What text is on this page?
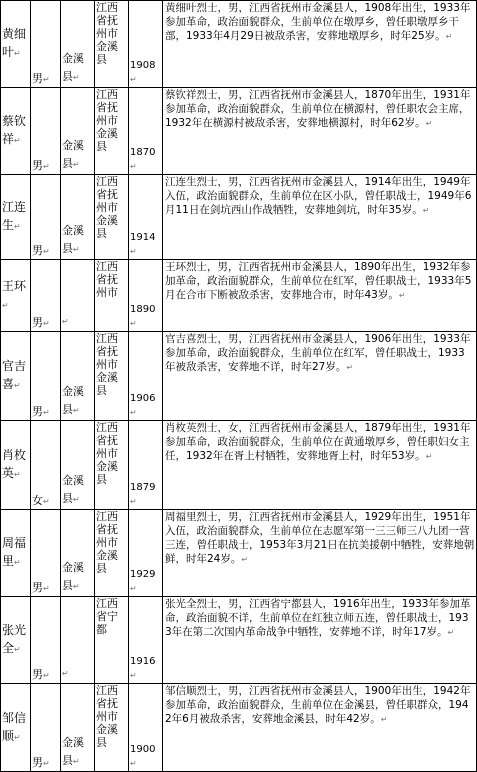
黄细叶↵	男↵	金溪县↵	江西省抚州市金溪县	1908↵	黄细叶烈士，男，江西省抚州市金溪县人，1908年出生，1933年参加革命，政治面貌群众，生前单位在墩厚乡，曾任职墩厚乡干部，1933年4月29日被敌杀害，安葬地墩厚乡，时年25岁。↵
蔡钦祥↵	男↵	金溪县↵	江西省抚州市金溪县	1870↵	蔡钦祥烈士，男，江西省抚州市金溪县人，1870年出生，1931年参加革命，政治面貌群众，生前单位在横源村，曾任职农会主席，1932年在横源村被敌杀害，安葬地横源村，时年62岁。↵
江连生↵	男↵	金溪县↵	江西省抚州市金溪县	1914↵	江连生烈士，男，江西省抚州市金溪县人，1914年出生，1949年入伍，政治面貌群众，生前单位在区小队，曾任职战士，1949年6月11日在剑坑西山作战牺牲，安葬地剑坑，时年35岁。↵
王环↵	男↵	↵	江西省抚州市	1890↵	王环烈士，男，江西省抚州市金溪县人，1890年出生，1932年参加革命，政治面貌群众，生前单位在红军，曾任职战士，1933年5月在合市下断被敌杀害，安葬地合市，时年43岁。↵
官吉喜↵	男↵	金溪县↵	江西省抚州市金溪县	1906↵	官吉喜烈士，男，江西省抚州市金溪县人，1906年出生，1933年参加革命，政治面貌群众，生前单位在红军，曾任职战士，1933年被敌杀害，安葬地不详，时年27岁。↵
肖枚英↵	女↵	金溪县↵	江西省抚州市金溪县	1879↵	肖枚英烈士，女，江西省抚州市金溪县人，1879年出生，1931年参加革命，政治面貌群众，生前单位在黄通墩厚乡，曾任职妇女主任，1932年在胥上村牺牲，安葬地胥上村，时年53岁。↵
周福里↵	男↵	金溪县↵	江西省抚州市金溪县	1929↵	周福里烈士，男，江西省抚州市金溪县人，1929年出生，1951年入伍，政治面貌群众，生前单位在志愿军第一三三师三八九团一营三连，曾任职战士，1953年3月21日在抗美援朝中牺牲，安葬地朝鲜，时年24岁。↵
张光全↵	男↵	↵	江西省宁都	1916↵	张光全烈士，男，江西省宁都县人，1916年出生，1933年参加革命，政治面貌不详，生前单位在红独立师五连，曾任职战士，1933年在第二次国内革命战争中牺牲，安葬地不详，时年17岁。↵
邹信顺↵	男↵	金溪县↵	江西省抚州市金溪县	1900↵	邹信顺烈士，男，江西省抚州市金溪县人，1900年出生，1942年参加革命，政治面貌群众，生前单位在金溪县，曾任职群众，1942年6月被敌杀害，安葬地金溪县，时年42岁。↵
